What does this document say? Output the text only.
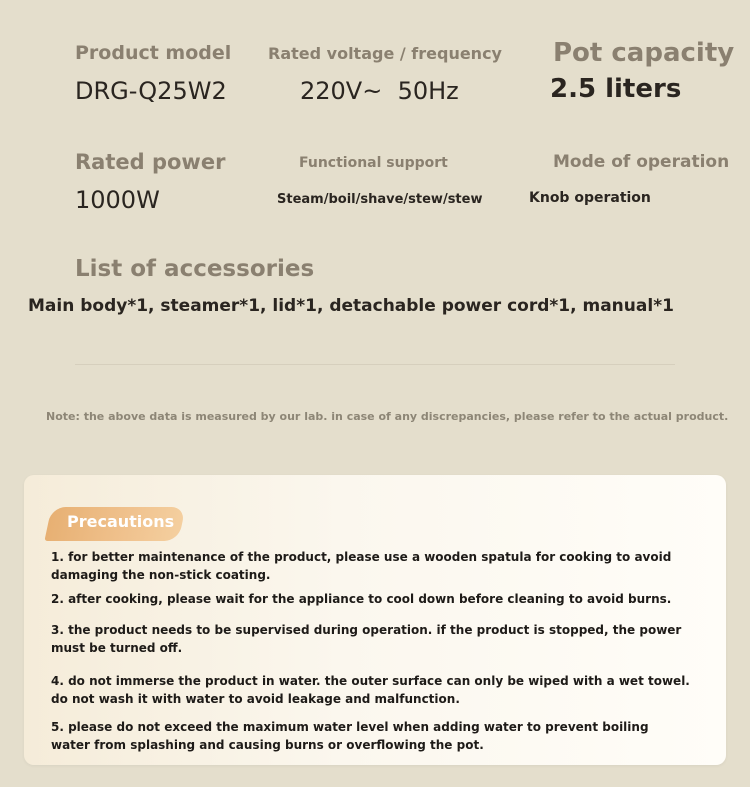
Product model
DRG-Q25W2
Rated voltage / frequency
220V~  50Hz
Pot capacity
2.5 liters
Rated power
1000W
Functional support
Steam/boil/shave/stew/stew
Mode of operation
Knob operation
List of accessories
Main body*1, steamer*1, lid*1, detachable power cord*1, manual*1
Note: the above data is measured by our lab. in case of any discrepancies, please refer to the actual product.
Precautions
1. for better maintenance of the product, please use a wooden spatula for cooking to avoid damaging the non-stick coating.
2. after cooking, please wait for the appliance to cool down before cleaning to avoid burns.
3. the product needs to be supervised during operation. if the product is stopped, the power must be turned off.
4. do not immerse the product in water. the outer surface can only be wiped with a wet towel. do not wash it with water to avoid leakage and malfunction.
5. please do not exceed the maximum water level when adding water to prevent boiling water from splashing and causing burns or overflowing the pot.
